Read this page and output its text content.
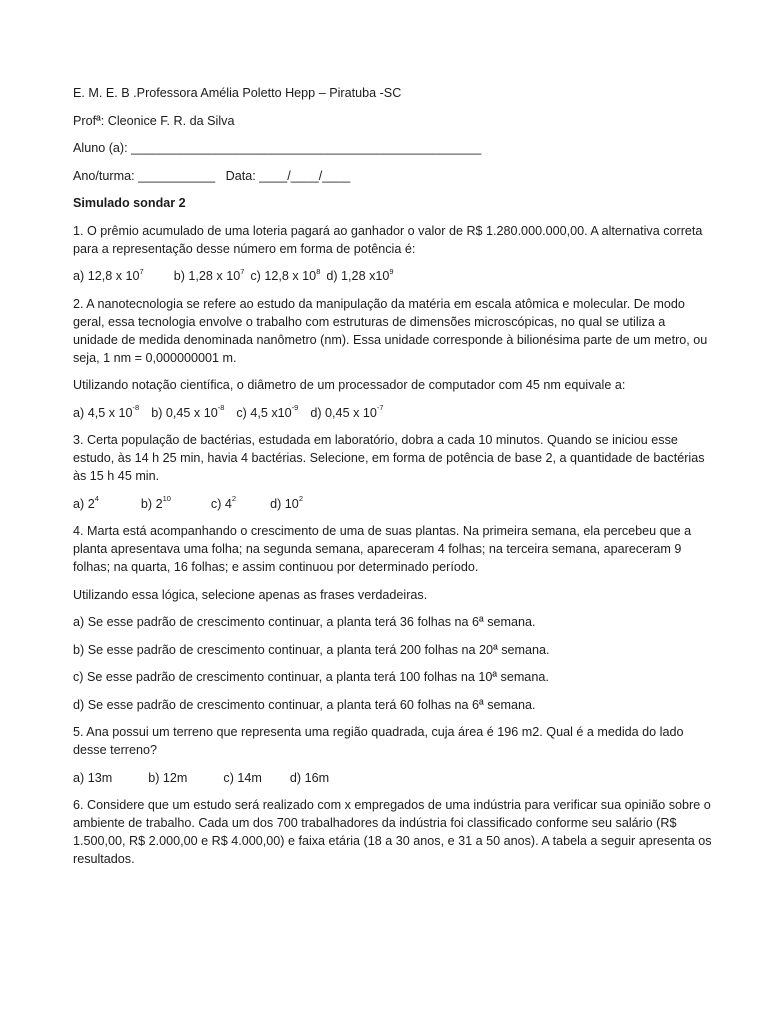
E. M. E. B .Professora Amélia Poletto Hepp – Piratuba -SC

Profª: Cleonice F. R. da Silva

Aluno (a): __________________________________________________

Ano/turma: ___________   Data: ____/____/____

Simulado sondar 2

1. O prêmio acumulado de uma loteria pagará ao ganhador o valor de R$ 1.280.000.000,00. A alternativa correta para a representação desse número em forma de potência é:

a) 12,8 x $10^7$ b) 1,28 x $10^7$ c) 12,8 x $10^8$ d) 1,28 $x10^9$

2. A nanotecnologia se refere ao estudo da manipulação da matéria em escala atômica e molecular. De modo geral, essa tecnologia envolve o trabalho com estruturas de dimensões microscópicas, no qual se utiliza a unidade de medida denominada nanômetro (nm). Essa unidade corresponde à bilionésima parte de um metro, ou seja, 1 nm = 0,000000001 m.

Utilizando notação científica, o diâmetro de um processador de computador com 45 nm equivale a:

a) 4,5 x $10^{-8}$ b) 0,45 x $10^{-8}$ c) 4,5 $x10^{-9}$ d) 0,45 x $10^{-7}$

3. Certa população de bactérias, estudada em laboratório, dobra a cada 10 minutos. Quando se iniciou esse estudo, às 14 h 25 min, havia 4 bactérias. Selecione, em forma de potência de base 2, a quantidade de bactérias às 15 h 45 min.

a) $2^4$	b) $2^{10}$	c) $4^2$	d) $10^2$

4. Marta está acompanhando o crescimento de uma de suas plantas. Na primeira semana, ela percebeu que a planta apresentava uma folha; na segunda semana, apareceram 4 folhas; na terceira semana, apareceram 9 folhas; na quarta, 16 folhas; e assim continuou por determinado período.

Utilizando essa lógica, selecione apenas as frases verdadeiras.

a) Se esse padrão de crescimento continuar, a planta terá 36 folhas na 6ª semana.

b) Se esse padrão de crescimento continuar, a planta terá 200 folhas na 20ª semana.

c) Se esse padrão de crescimento continuar, a planta terá 100 folhas na 10ª semana.

d) Se esse padrão de crescimento continuar, a planta terá 60 folhas na 6ª semana.

5. Ana possui um terreno que representa uma região quadrada, cuja área é 196 m2. Qual é a medida do lado desse terreno?

a) 13m	b) 12m	c) 14m d) 16m

6. Considere que um estudo será realizado com x empregados de uma indústria para verificar sua opinião sobre o ambiente de trabalho. Cada um dos 700 trabalhadores da indústria foi classificado conforme seu salário (R$ 1.500,00, R$ 2.000,00 e R$ 4.000,00) e faixa etária (18 a 30 anos, e 31 a 50 anos). A tabela a seguir apresenta os resultados.
